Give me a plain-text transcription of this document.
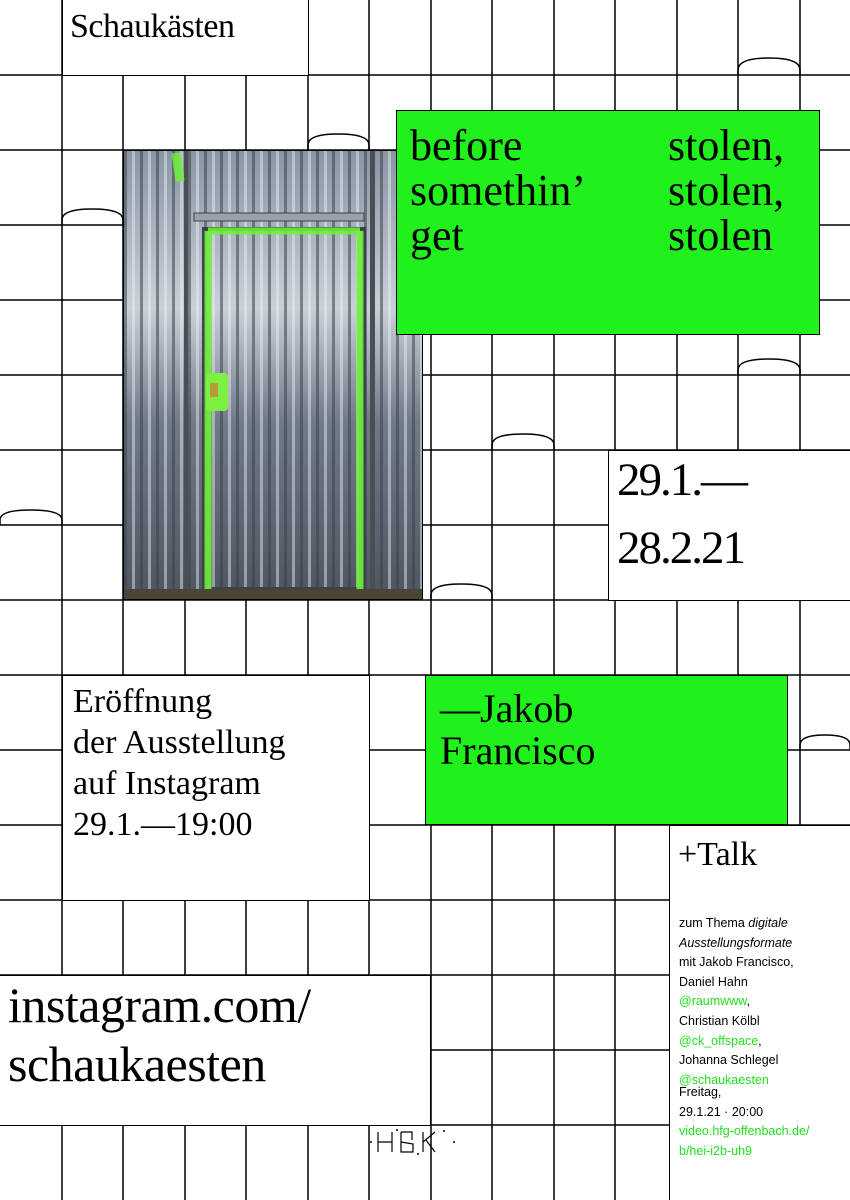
Schaukästen
before	stolen,
somethin’ stolen,
get	stolen
29.1.—
28.2.21
Eröffnung
der Ausstellung
auf Instagram
29.1.—19:00
—Jakob
Francisco
instagram.com/
schaukaesten
+Talk
zum Thema digitale
Ausstellungsformate
mit Jakob Francisco,
Daniel Hahn
@raumwww,
Christian Kölbl
@ck_offspace,
Johanna Schlegel
@schaukaesten
Freitag,
29.1.21 · 20:00
video.hfg-offenbach.de/
b/hei-i2b-uh9
